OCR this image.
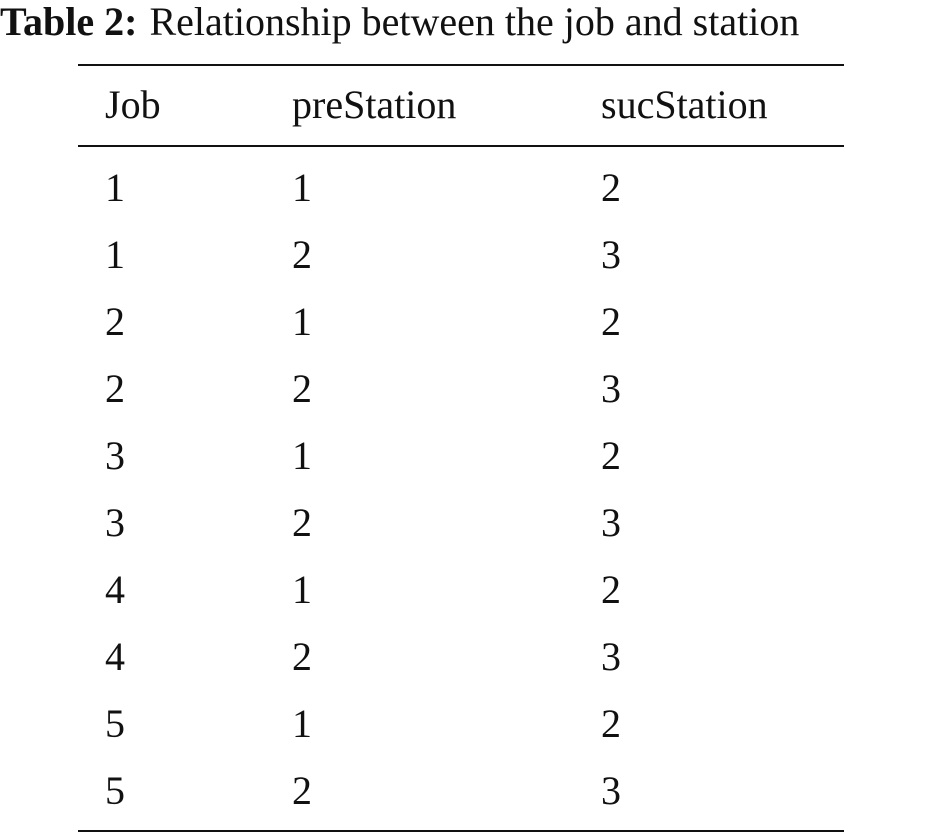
Table 2: Relationship between the job and station
Job	preStation	sucStation
1	1	2
1	2	3
2	1	2
2	2	3
3	1	2
3	2	3
4	1	2
4	2	3
5	1	2
5	2	3
